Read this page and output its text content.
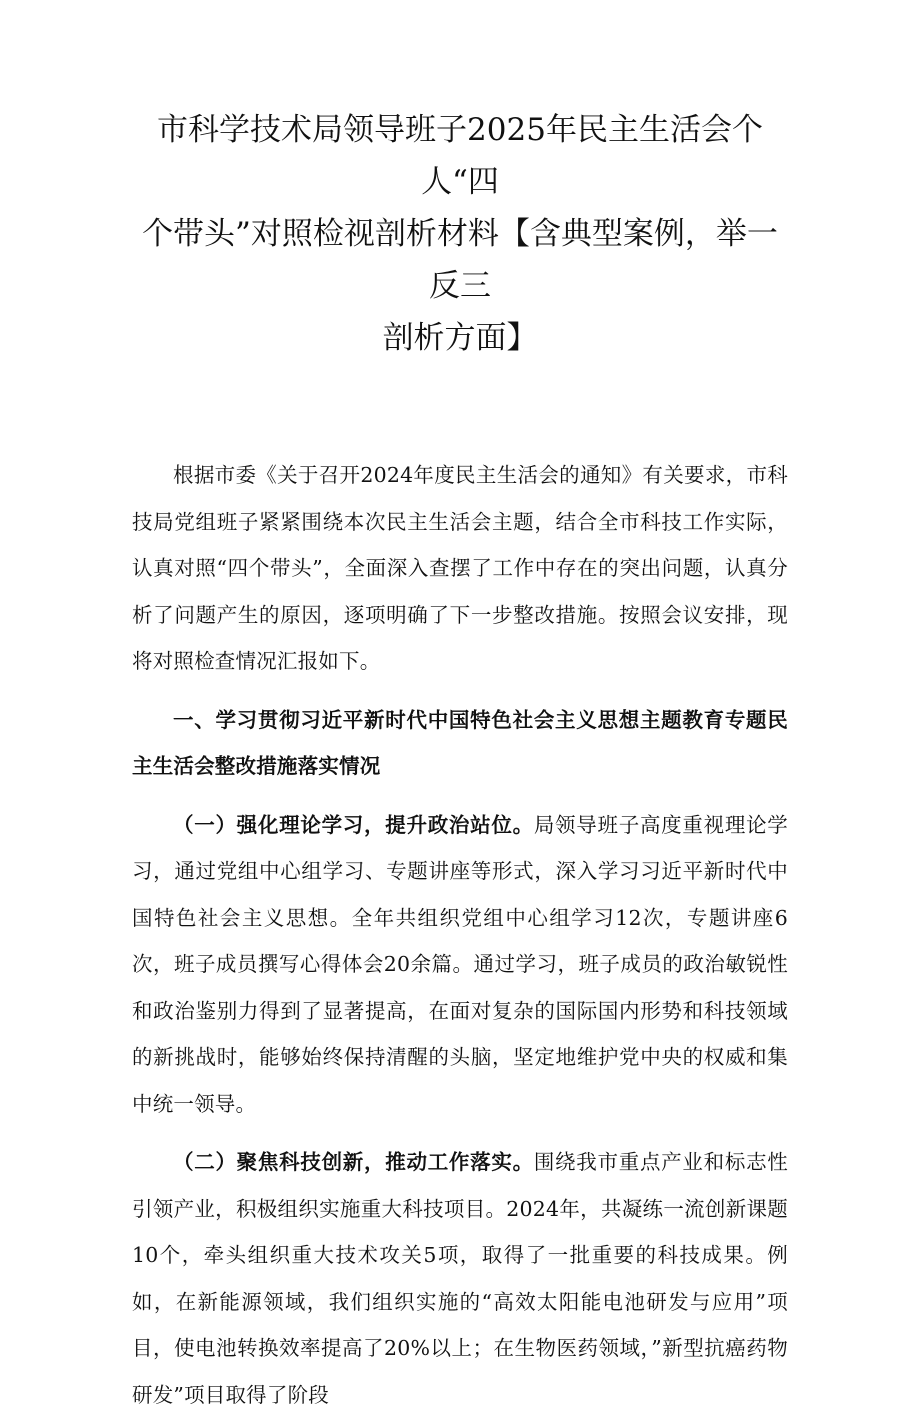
市科学技术局领导班子2025年民主生活会个人“四
个带头”对照检视剖析材料【含典型案例，举一反三
剖析方面】

根据市委《关于召开2024年度民主生活会的通知》有关要求，市科技局党组班子紧紧围绕本次民主生活会主题，结合全市科技工作实际，认真对照“四个带头”，全面深入查摆了工作中存在的突出问题，认真分析了问题产生的原因，逐项明确了下一步整改措施。按照会议安排，现将对照检查情况汇报如下。

一、学习贯彻习近平新时代中国特色社会主义思想主题教育专题民主生活会整改措施落实情况

（一）强化理论学习，提升政治站位。局领导班子高度重视理论学习，通过党组中心组学习、专题讲座等形式，深入学习习近平新时代中国特色社会主义思想。全年共组织党组中心组学习12次，专题讲座6次，班子成员撰写心得体会20余篇。通过学习，班子成员的政治敏锐性和政治鉴别力得到了显著提高，在面对复杂的国际国内形势和科技领域的新挑战时，能够始终保持清醒的头脑，坚定地维护党中央的权威和集中统一领导。

（二）聚焦科技创新，推动工作落实。围绕我市重点产业和标志性引领产业，积极组织实施重大科技项目。2024年，共凝练一流创新课题10个，牵头组织重大技术攻关5项，取得了一批重要的科技成果。例如，在新能源领域，我们组织实施的“高效太阳能电池研发与应用”项目，使电池转换效率提高了20%以上；在生物医药领域，”新型抗癌药物研发”项目取得了阶段
